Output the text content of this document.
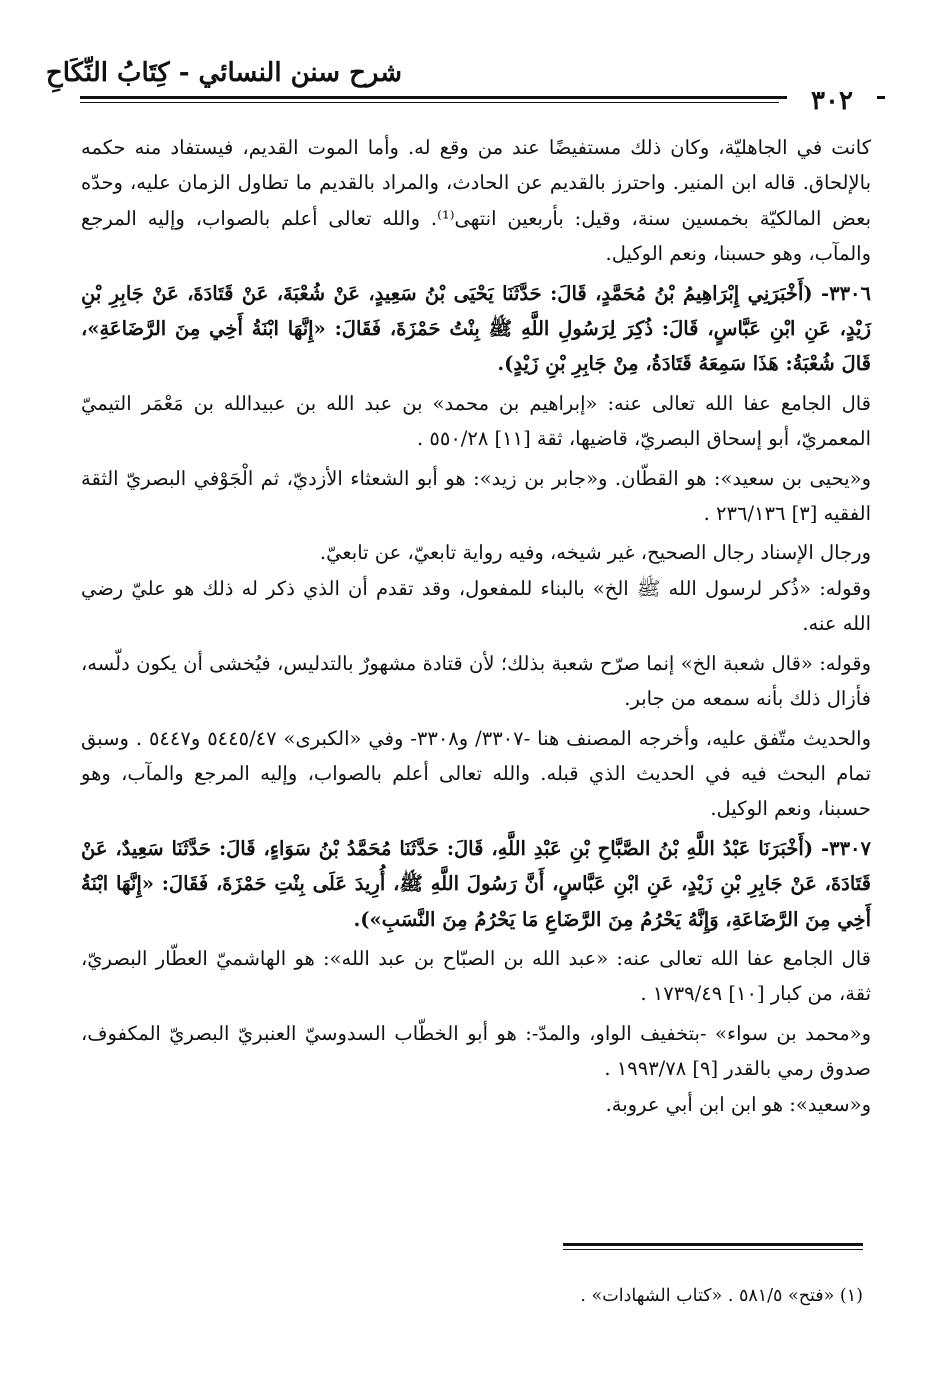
شرح سنن النسائي - كِتَابُ النِّكَاحِ
٣٠٢

كانت في الجاهليّة، وكان ذلك مستفيضًا عند من وقع له. وأما الموت القديم، فيستفاد منه حكمه بالإلحاق. قاله ابن المنير. واحترز بالقديم عن الحادث، والمراد بالقديم ما تطاول الزمان عليه، وحدّه بعض المالكيّة بخمسين سنة، وقيل: بأربعين انتهى⁽¹⁾. والله تعالى أعلم بالصواب، وإليه المرجع والمآب، وهو حسبنا، ونعم الوكيل.

٣٣٠٦- (أَخْبَرَنِي إِبْرَاهِيمُ بْنُ مُحَمَّدٍ، قَالَ: حَدَّثَنَا يَحْيَى بْنُ سَعِيدٍ، عَنْ شُعْبَةَ، عَنْ قَتَادَةَ، عَنْ جَابِرِ بْنِ زَيْدٍ، عَنِ ابْنِ عَبَّاسٍ، قَالَ: ذُكِرَ لِرَسُولِ اللَّهِ ﷺ بِنْتُ حَمْزَةَ، فَقَالَ: «إِنَّهَا ابْنَةُ أَخِي مِنَ الرَّضَاعَةِ»، قَالَ شُعْبَةُ: هَذَا سَمِعَهُ قَتَادَةُ، مِنْ جَابِرِ بْنِ زَيْدٍ).

قال الجامع عفا الله تعالى عنه: «إبراهيم بن محمد» بن عبد الله بن عبيدالله بن مَعْمَر التيميّ المعمريّ، أبو إسحاق البصريّ، قاضيها، ثقة [١١] ٥٥٠/٢٨ .

و«يحيى بن سعيد»: هو القطّان. و«جابر بن زيد»: هو أبو الشعثاء الأزديّ، ثم الْجَوْفي البصريّ الثقة الفقيه [٣] ٢٣٦/١٣٦ .

ورجال الإسناد رجال الصحيح، غير شيخه، وفيه رواية تابعيّ، عن تابعيّ.

وقوله: «ذُكر لرسول الله ﷺ الخ» بالبناء للمفعول، وقد تقدم أن الذي ذكر له ذلك هو عليّ رضي الله عنه.

وقوله: «قال شعبة الخ» إنما صرّح شعبة بذلك؛ لأن قتادة مشهورٌ بالتدليس، فيُخشى أن يكون دلّسه، فأزال ذلك بأنه سمعه من جابر.

والحديث متّفق عليه، وأخرجه المصنف هنا -٣٣٠٧/ و٣٣٠٨- وفي «الكبرى» ٥٤٤٥/٤٧ و٥٤٤٧ . وسبق تمام البحث فيه في الحديث الذي قبله. والله تعالى أعلم بالصواب، وإليه المرجع والمآب، وهو حسبنا، ونعم الوكيل.

٣٣٠٧- (أَخْبَرَنَا عَبْدُ اللَّهِ بْنُ الصَّبَّاحِ بْنِ عَبْدِ اللَّهِ، قَالَ: حَدَّثَنَا مُحَمَّدُ بْنُ سَوَاءٍ، قَالَ: حَدَّثَنَا سَعِيدٌ، عَنْ قَتَادَةَ، عَنْ جَابِرِ بْنِ زَيْدٍ، عَنِ ابْنِ عَبَّاسٍ، أَنَّ رَسُولَ اللَّهِ ﷺ، أُرِيدَ عَلَى بِنْتِ حَمْزَةَ، فَقَالَ: «إِنَّهَا ابْنَةُ أَخِي مِنَ الرَّضَاعَةِ، وَإِنَّهُ يَحْرُمُ مِنَ الرَّضَاعِ مَا يَحْرُمُ مِنَ النَّسَبِ»).

قال الجامع عفا الله تعالى عنه: «عبد الله بن الصبّاح بن عبد الله»: هو الهاشميّ العطّار البصريّ، ثقة، من كبار [١٠] ١٧٣٩/٤٩ .

و«محمد بن سواء» -بتخفيف الواو، والمدّ-: هو أبو الخطّاب السدوسيّ العنبريّ البصريّ المكفوف، صدوق رمي بالقدر [٩] ١٩٩٣/٧٨ .

و«سعيد»: هو ابن ابن أبي عروبة.

(١) «فتح» ٥٨١/٥ . «كتاب الشهادات» .
